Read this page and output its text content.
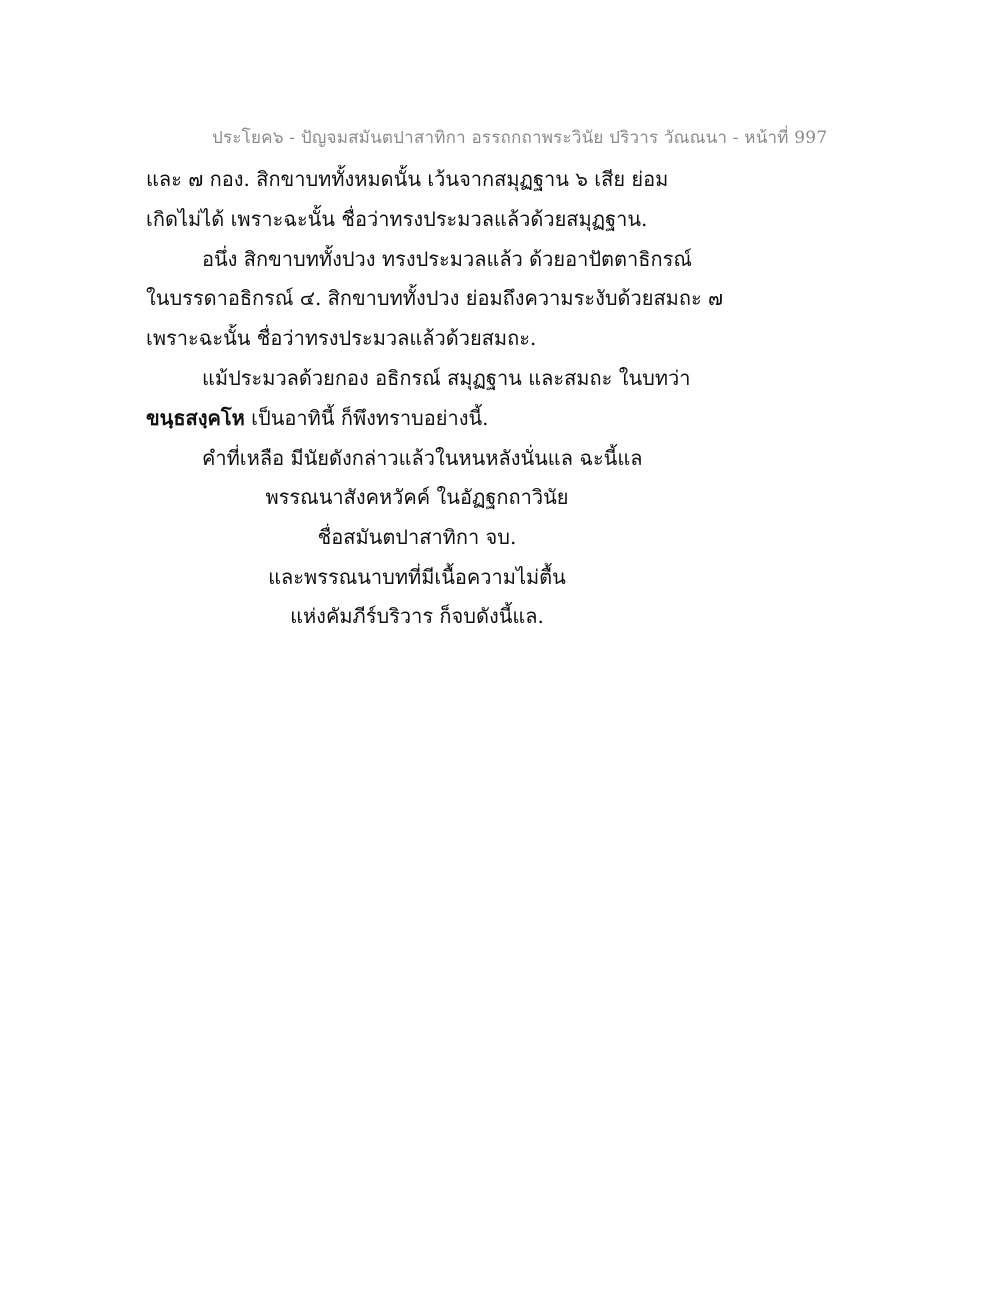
ประโยค๖ - ปัญจมสมันตปาสาทิกา อรรถกถาพระวินัย ปริวาร วัณณนา - หน้าที่ 997
และ ๗ กอง. สิกขาบททั้งหมดนั้น เว้นจากสมุฏฐาน ๖ เสีย ย่อม
เกิดไม่ได้ เพราะฉะนั้น ชื่อว่าทรงประมวลแล้วด้วยสมุฏฐาน.
อนึ่ง สิกขาบททั้งปวง ทรงประมวลแล้ว ด้วยอาปัตตาธิกรณ์
ในบรรดาอธิกรณ์ ๔. สิกขาบททั้งปวง ย่อมถึงความระงับด้วยสมถะ ๗
เพราะฉะนั้น ชื่อว่าทรงประมวลแล้วด้วยสมถะ.
แม้ประมวลด้วยกอง อธิกรณ์ สมุฏฐาน และสมถะ ในบทว่า
ขนฺธสงฺคโห เป็นอาทินี้ ก็พึงทราบอย่างนี้.
คำที่เหลือ มีนัยดังกล่าวแล้วในหนหลังนั่นแล ฉะนี้แล
พรรณนาสังคหวัคค์ ในอัฏฐกถาวินัย
ชื่อสมันตปาสาทิกา จบ.
และพรรณนาบทที่มีเนื้อความไม่ตื้น
แห่งคัมภีร์บริวาร ก็จบดังนี้แล.
